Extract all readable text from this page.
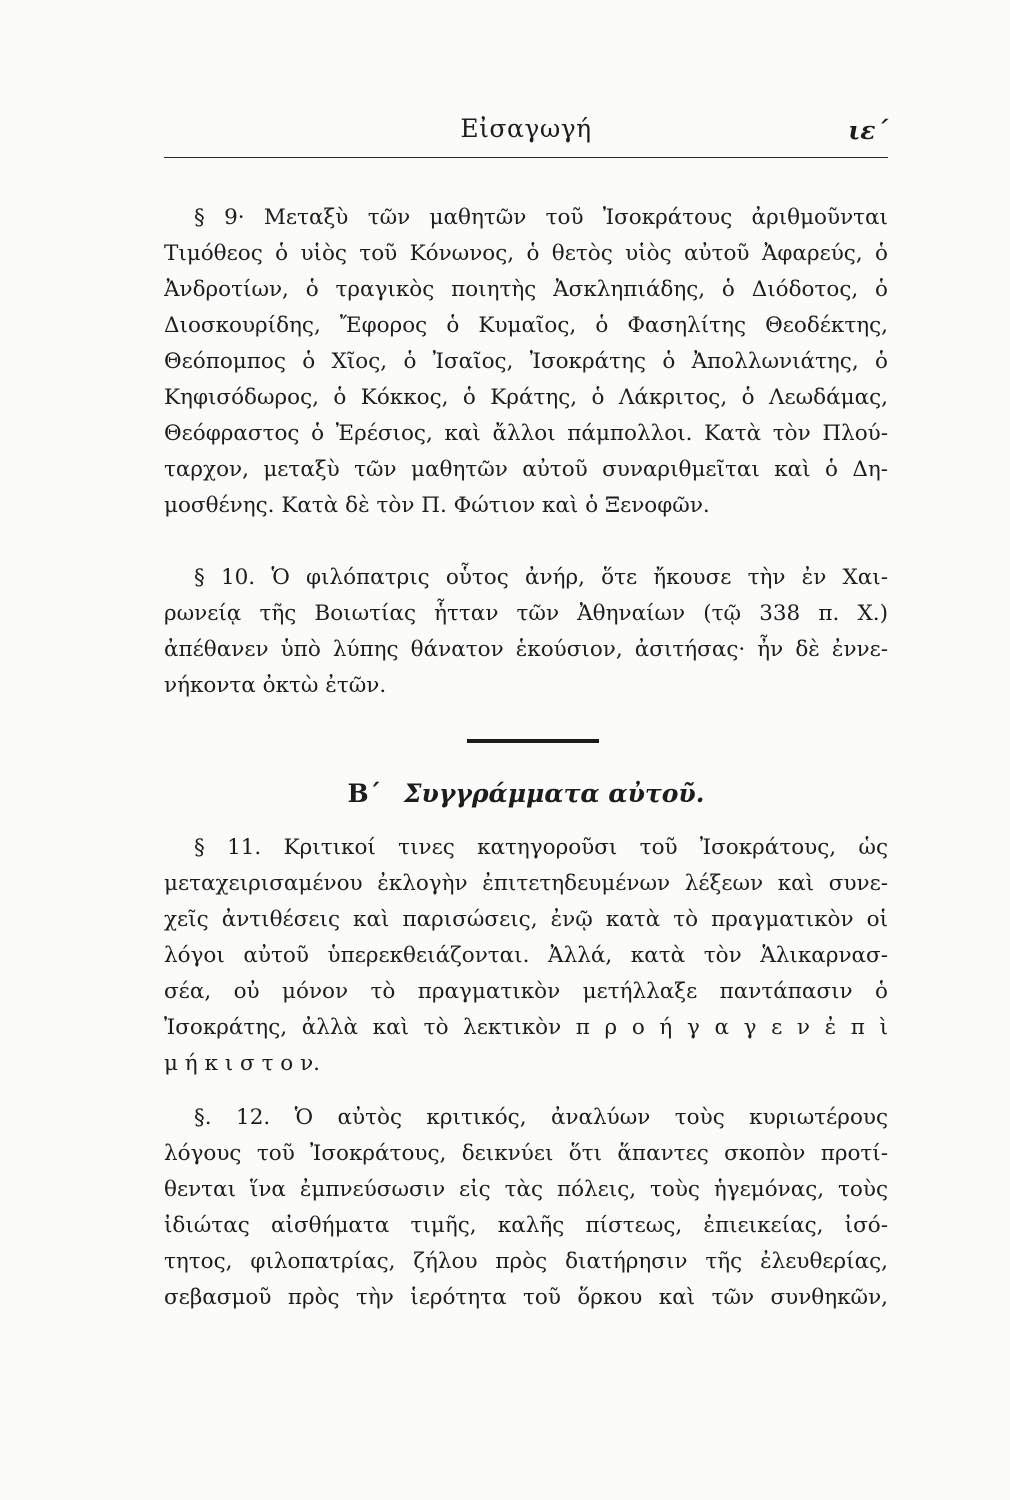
Εἰσαγωγή	ιε΄
§ 9· Μεταξὺ τῶν μαθητῶν τοῦ Ἰσοκράτους ἀριθμοῦνται
Τιμόθεος ὁ υἱὸς τοῦ Κόνωνος, ὁ θετὸς υἱὸς αὐτοῦ Ἀφαρεύς, ὁ
Ἀνδροτίων, ὁ τραγικὸς ποιητὴς Ἀσκληπιάδης, ὁ Διόδοτος, ὁ
Διοσκουρίδης, Ἔφορος ὁ Κυμαῖος, ὁ Φασηλίτης Θεοδέκτης,
Θεόπομπος ὁ Χῖος, ὁ Ἰσαῖος, Ἰσοκράτης ὁ Ἀπολλωνιάτης, ὁ
Κηφισόδωρος, ὁ Κόκκος, ὁ Κράτης, ὁ Λάκριτος, ὁ Λεωδάμας,
Θεόφραστος ὁ Ἐρέσιος, καὶ ἄλλοι πάμπολλοι. Κατὰ τὸν Πλού-
ταρχον, μεταξὺ τῶν μαθητῶν αὐτοῦ συναριθμεῖται καὶ ὁ Δη-
μοσθένης. Κατὰ δὲ τὸν Π. Φώτιον καὶ ὁ Ξενοφῶν.
§ 10. Ὁ φιλόπατρις οὗτος ἀνήρ, ὅτε ἤκουσε τὴν ἐν Χαι-
ρωνείᾳ τῆς Βοιωτίας ἧτταν τῶν Ἀθηναίων (τῷ 338 π. Χ.)
ἀπέθανεν ὑπὸ λύπης θάνατον ἑκούσιον, ἀσιτήσας· ἦν δὲ ἐννε-
νήκοντα ὀκτὼ ἐτῶν.
Β΄ Συγγράμματα αὐτοῦ.
§ 11. Κριτικοί τινες κατηγοροῦσι τοῦ Ἰσοκράτους, ὡς
μεταχειρισαμένου ἐκλογὴν ἐπιτετηδευμένων λέξεων καὶ συνε-
χεῖς ἀντιθέσεις καὶ παρισώσεις, ἐνῷ κατὰ τὸ πραγματικὸν οἱ
λόγοι αὐτοῦ ὑπερεκθειάζονται. Ἀλλά, κατὰ τὸν Ἁλικαρνασ-
σέα, οὐ μόνον τὸ πραγματικὸν μετήλλαξε παντάπασιν ὁ
Ἰσοκράτης, ἀλλὰ καὶ τὸ λεκτικὸν π ρ ο ή γ α γ ε ν ἐ π ὶ
μ ή κ ι σ τ ο ν.
§. 12. Ὁ αὐτὸς κριτικός, ἀναλύων τοὺς κυριωτέρους
λόγους τοῦ Ἰσοκράτους, δεικνύει ὅτι ἅπαντες σκοπὸν προτί-
θενται ἵνα ἐμπνεύσωσιν εἰς τὰς πόλεις, τοὺς ἡγεμόνας, τοὺς
ἰδιώτας αἰσθήματα τιμῆς, καλῆς πίστεως, ἐπιεικείας, ἰσό-
τητος, φιλοπατρίας, ζήλου πρὸς διατήρησιν τῆς ἐλευθερίας,
σεβασμοῦ πρὸς τὴν ἱερότητα τοῦ ὅρκου καὶ τῶν συνθηκῶν,
